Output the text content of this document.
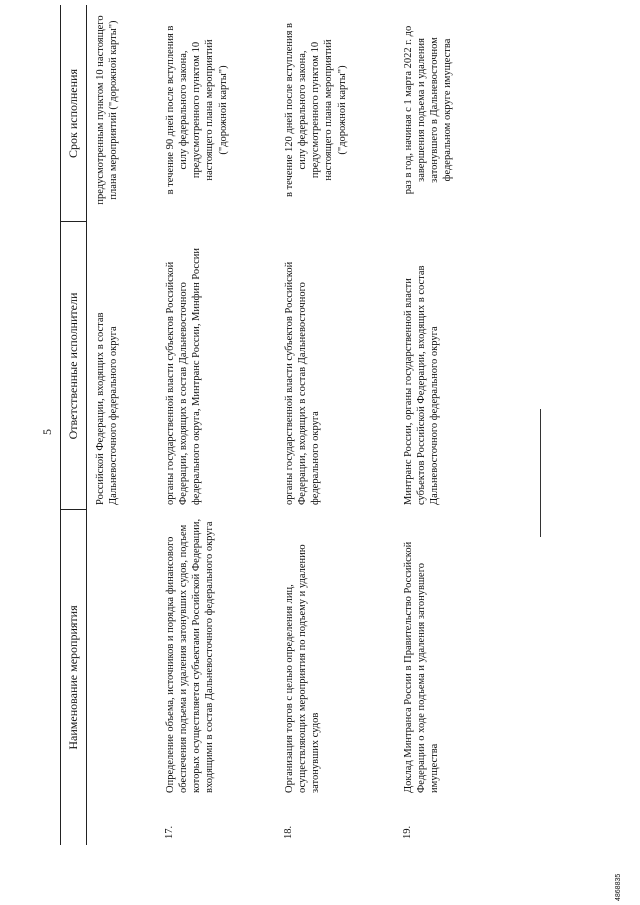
5
Наименование мероприятия
Ответственные исполнители
Срок исполнения
Российской Федерации, входящих в состав Дальневосточного федерального округа
предусмотренным пунктом 10 настоящего плана мероприятий ("дорожной карты")
17.
Определение объема, источников и порядка финансового обеспечения подъема и удаления затонувших судов, подъем которых осуществляется субъектами Российской Федерации, входящими в состав Дальневосточного федерального округа
органы государственной власти субъектов Российской Федерации, входящих в состав Дальневосточного федерального округа, Минтранс России, Минфин России
в течение 90 дней после вступления в силу федерального закона, предусмотренного пунктом 10 настоящего плана мероприятий ("дорожной карты")
18.
Организация торгов с целью определения лиц, осуществляющих мероприятия по подъему и удалению затонувших судов
органы государственной власти субъектов Российской Федерации, входящих в состав Дальневосточного федерального округа
в течение 120 дней после вступления в силу федерального закона, предусмотренного пунктом 10 настоящего плана мероприятий ("дорожной карты")
19.
Доклад Минтранса России в Правительство Российской Федерации о ходе подъема и удаления затонувшего имущества
Минтранс России, органы государственной власти субъектов Российской Федерации, входящих в состав Дальневосточного федерального округа
раз в год, начиная с 1 марта 2022 г. до завершения подъема и удаления затонувшего в Дальневосточном федеральном округе имущества
4868835
